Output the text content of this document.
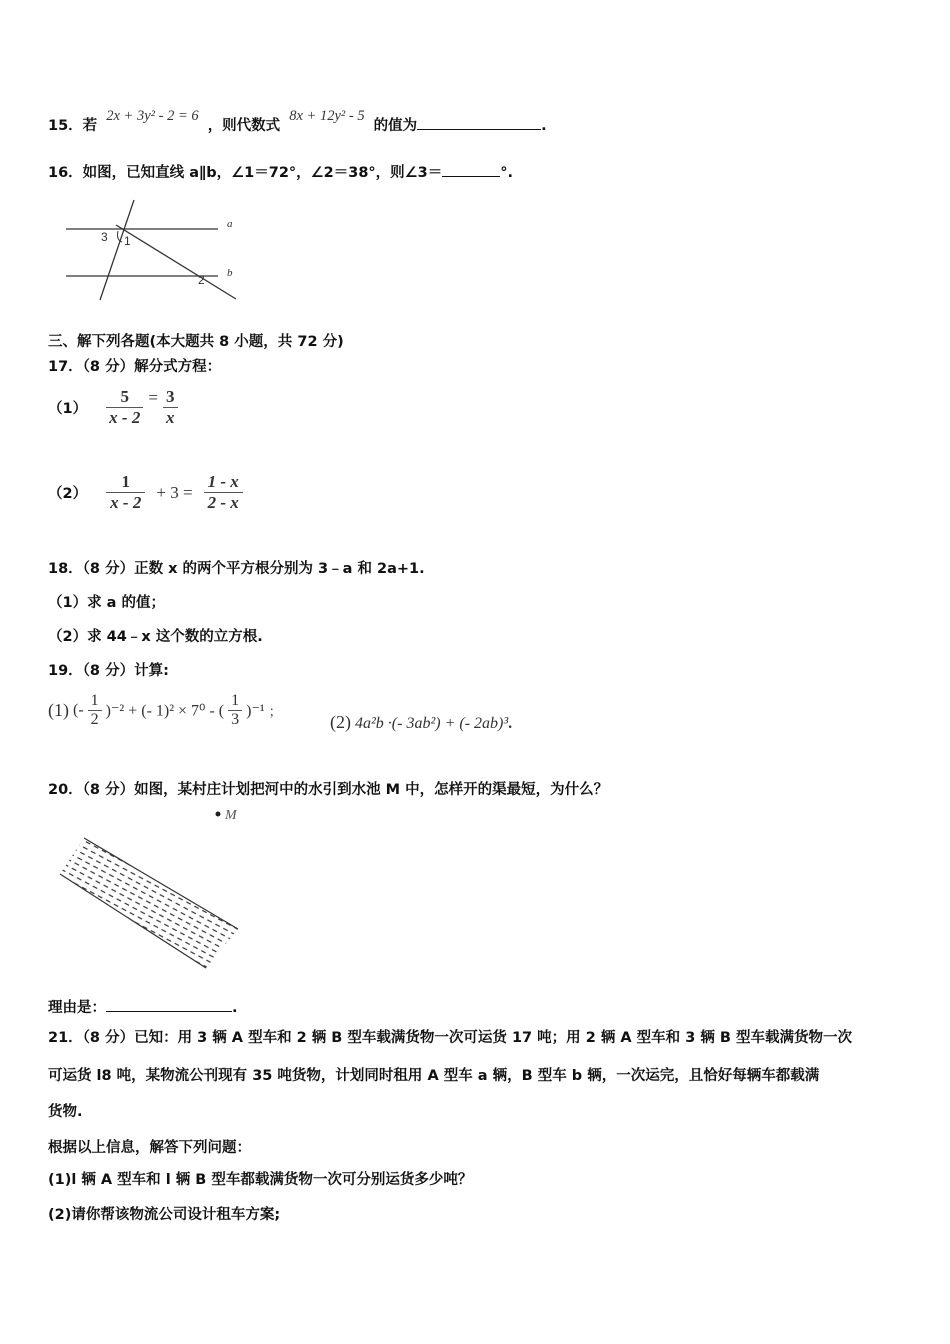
15．若 2x + 3y² - 2 = 6 ，则代数式 8x + 12y² - 5 的值为	.
16．如图，已知直线 a∥b，∠1＝72°，∠2＝38°，则∠3＝	°.
3 1
2
a
b
三、解下列各题(本大题共 8 小题，共 72 分)
17．（8 分）解分式方程：
$(1) \frac{5}{x - 2} = \frac{3}{x}$
$(2) \frac{1}{x - 2} + 3 = \frac{1 - x}{2 - x}$
18．（8 分）正数 x 的两个平方根分别为 3﹣a 和 2a+1.
（1）求 a 的值；
（2）求 44﹣x 这个数的立方根.
19．（8 分）计算:
(1) (- $\frac{1}{2} )^{-2}$ + (- 1)² × 7⁰ - ( $\frac{1}{3} )^{-1}$ ；
(2) 4a²b ·(- 3ab²) + (- 2ab)³.
20．（8 分）如图，某村庄计划把河中的水引到水池 M 中，怎样开的渠最短，为什么？
M
理由是：	.
21．（8 分）已知：用 3 辆 A 型车和 2 辆 B 型车载满货物一次可运货 17 吨；用 2 辆 A 型车和 3 辆 B 型车载满货物一次
可运货 l8 吨，某物流公刊现有 35 吨货物，计划同时租用 A 型车 a 辆，B 型车 b 辆，一次运完，且恰好每辆车都载满
货物.
根据以上信息，解答下列问题：
(1)l 辆 A 型车和 l 辆 B 型车都载满货物一次可分别运货多少吨？
(2)请你帮该物流公司设计租车方案;
